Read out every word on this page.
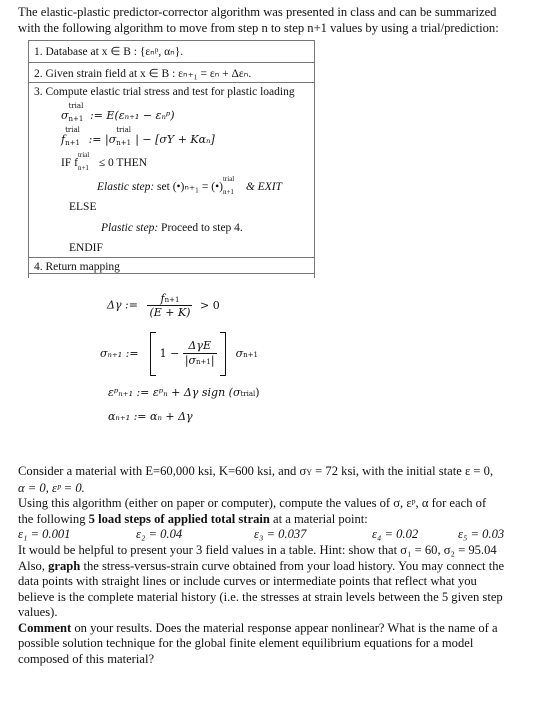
The elastic-plastic predictor-corrector algorithm was presented in class and can be summarized
with the following algorithm to move from step n to step n+1 values by using a trial/prediction:
1. Database at x ∈ B : {εₙᵖ, αₙ}.
2. Given strain field at x ∈ B : εₙ₊₁ = εₙ + Δεₙ.
3. Compute elastic trial stress and test for plastic loading
σ
trial
n+1 := E(εₙ₊₁ − εₙᵖ)
f
trial
n+1 := |σ
trial
n+1 | − [σY + Kαₙ]
IF f
trial
n+1 ≤ 0 THEN
Elastic step: set (•)ₙ₊₁ = (•)
trial
n+1 & EXIT
ELSE
Plastic step: Proceed to step 4.
ENDIF
4. Return mapping
Δγ := $\frac{fn+1}{(E + K)} > 0$
σₙ₊₁ := $1 - \frac{\text{ΔγE}}{|\sigma n+1|} \sigma n+1$
εᵖₙ₊₁ := εᵖₙ + Δγ sign (σtrial)
αₙ₊₁ := αₙ + Δγ

Consider a material with E=60,000 ksi, K=600 ksi, and σY = 72 ksi, with the initial state ε = 0,

α = 0, εᵖ = 0.

Using this algorithm (either on paper or computer), compute the values of σ, εᵖ, α for each of

the following 5 load steps of applied total strain at a material point:

ε₁ = 0.001	ε₂ = 0.04	ε₃ = 0.037	ε₄ = 0.02	ε₅ = 0.03

It would be helpful to present your 3 field values in a table. Hint: show that σ₁ = 60, σ₂ = 95.04

Also, graph the stress-versus-strain curve obtained from your load history. You may connect the

data points with straight lines or include curves or intermediate points that reflect what you

believe is the complete material history (i.e. the stresses at strain levels between the 5 given step

values).

Comment on your results. Does the material response appear nonlinear? What is the name of a

possible solution technique for the global finite element equilibrium equations for a model

composed of this material?
